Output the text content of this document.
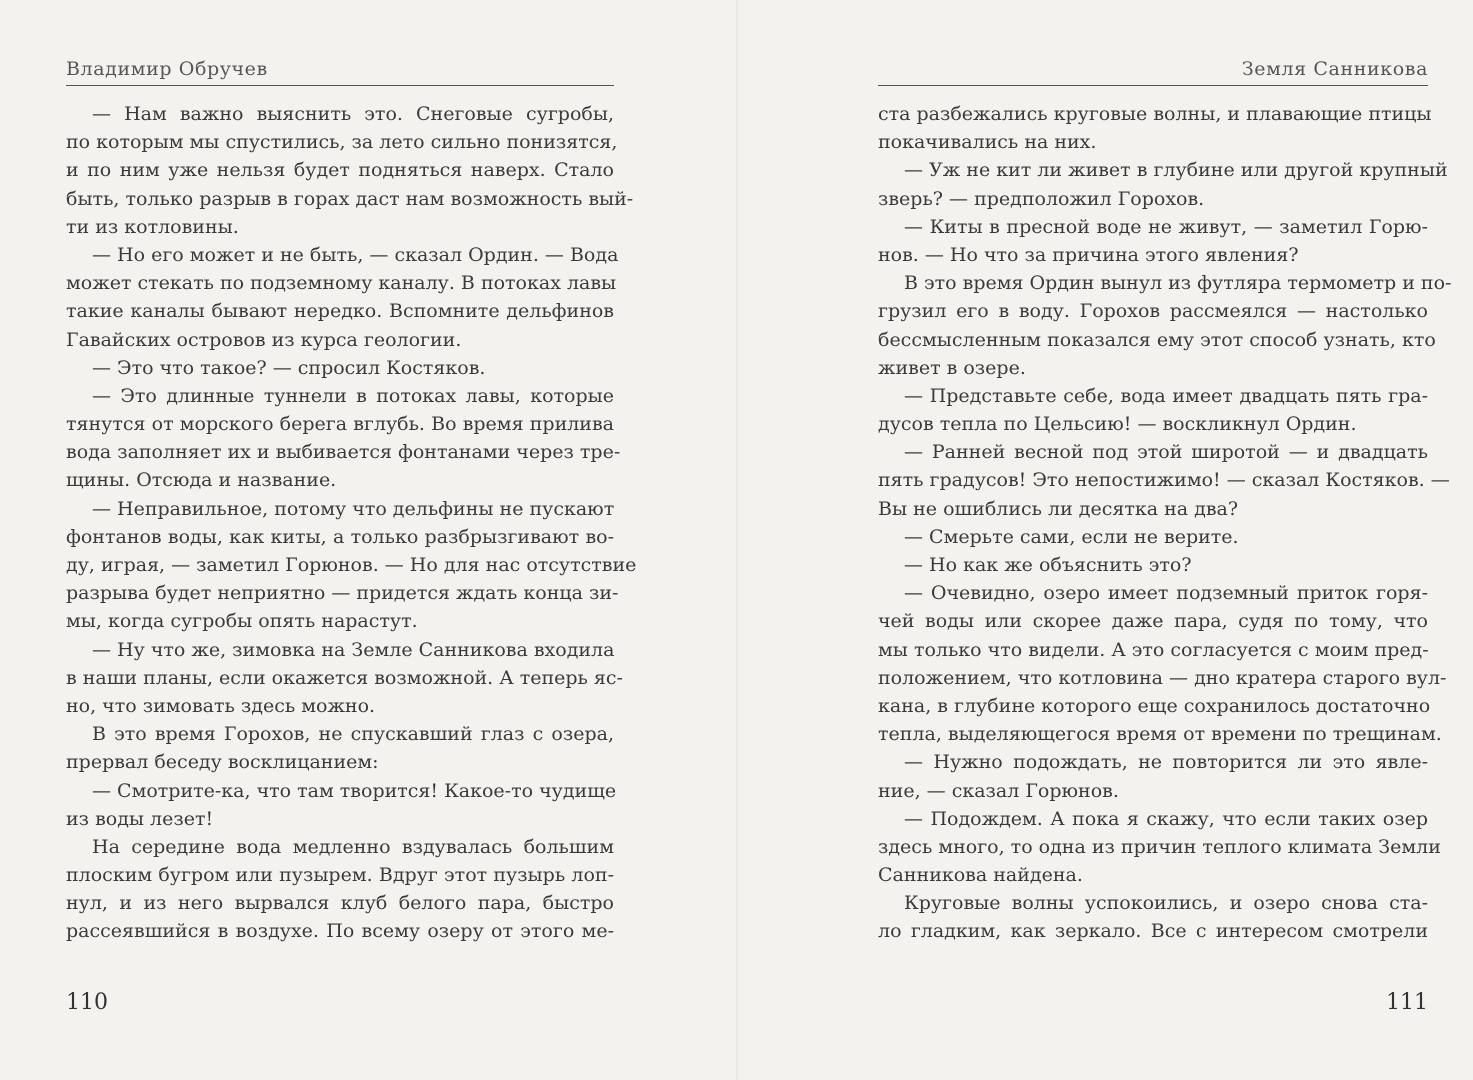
Владимир Обручев
— Нам важно выяснить это. Снеговые сугробы,
по которым мы спустились, за лето сильно понизятся,
и по ним уже нельзя будет подняться наверх. Стало
быть, только разрыв в горах даст нам возможность вый-
ти из котловины.
— Но его может и не быть, — сказал Ордин. — Вода
может стекать по подземному каналу. В потоках лавы
такие каналы бывают нередко. Вспомните дельфинов
Гавайских островов из курса геологии.
— Это что такое? — спросил Костяков.
— Это длинные туннели в потоках лавы, которые
тянутся от морского берега вглубь. Во время прилива
вода заполняет их и выбивается фонтанами через тре-
щины. Отсюда и название.
— Неправильное, потому что дельфины не пускают
фонтанов воды, как киты, а только разбрызгивают во-
ду, играя, — заметил Горюнов. — Но для нас отсутствие
разрыва будет неприятно — придется ждать конца зи-
мы, когда сугробы опять нарастут.
— Ну что же, зимовка на Земле Санникова входила
в наши планы, если окажется возможной. А теперь яс-
но, что зимовать здесь можно.
В это время Горохов, не спускавший глаз с озера,
прервал беседу восклицанием:
— Смотрите-ка, что там творится! Какое-то чудище
из воды лезет!
На середине вода медленно вздувалась большим
плоским бугром или пузырем. Вдруг этот пузырь лоп-
нул, и из него вырвался клуб белого пара, быстро
рассеявшийся в воздухе. По всему озеру от этого ме-
110
Земля Санникова
ста разбежались круговые волны, и плавающие птицы
покачивались на них.
— Уж не кит ли живет в глубине или другой крупный
зверь? — предположил Горохов.
— Киты в пресной воде не живут, — заметил Горю-
нов. — Но что за причина этого явления?
В это время Ордин вынул из футляра термометр и по-
грузил его в воду. Горохов рассмеялся — настолько
бессмысленным показался ему этот способ узнать, кто
живет в озере.
— Представьте себе, вода имеет двадцать пять гра-
дусов тепла по Цельсию! — воскликнул Ордин.
— Ранней весной под этой широтой — и двадцать
пять градусов! Это непостижимо! — сказал Костяков. —
Вы не ошиблись ли десятка на два?
— Смерьте сами, если не верите.
— Но как же объяснить это?
— Очевидно, озеро имеет подземный приток горя-
чей воды или скорее даже пара, судя по тому, что
мы только что видели. А это согласуется с моим пред-
положением, что котловина — дно кратера старого вул-
кана, в глубине которого еще сохранилось достаточно
тепла, выделяющегося время от времени по трещинам.
— Нужно подождать, не повторится ли это явле-
ние, — сказал Горюнов.
— Подождем. А пока я скажу, что если таких озер
здесь много, то одна из причин теплого климата Земли
Санникова найдена.
Круговые волны успокоились, и озеро снова ста-
ло гладким, как зеркало. Все с интересом смотрели
111
